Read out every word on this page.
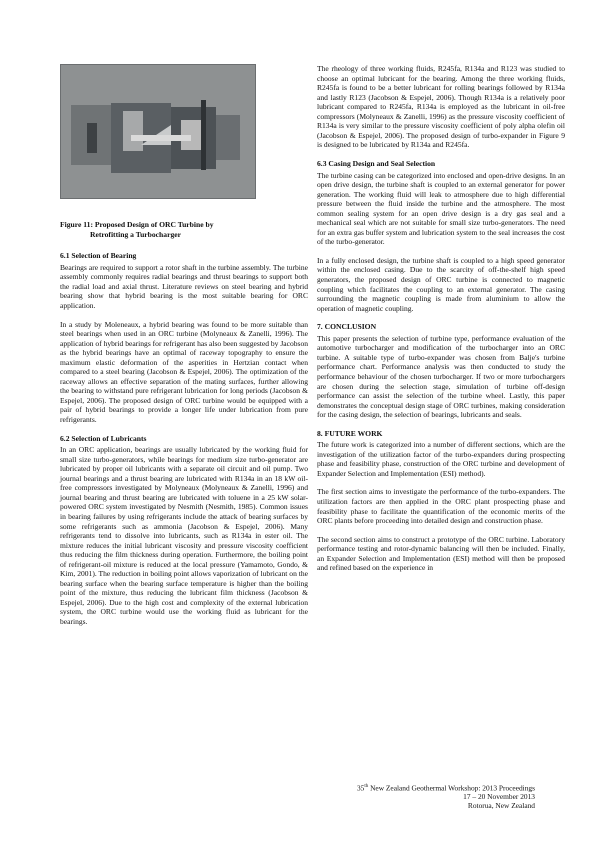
Figure 11: Proposed Design of ORC Turbine by
Retrofitting a Turbocharger
6.1 Selection of Bearing

Bearings are required to support a rotor shaft in the turbine assembly. The turbine assembly commonly requires radial bearings and thrust bearings to support both the radial load and axial thrust. Literature reviews on steel bearing and hybrid bearing show that hybrid bearing is the most suitable bearing for ORC application.

In a study by Moleneaux, a hybrid bearing was found to be more suitable than steel bearings when used in an ORC turbine (Molyneaux & Zanelli, 1996). The application of hybrid bearings for refrigerant has also been suggested by Jacobson as the hybrid bearings have an optimal of raceway topography to ensure the maximum elastic deformation of the asperities in Hertzian contact when compared to a steel bearing (Jacobson & Espejel, 2006). The optimization of the raceway allows an effective separation of the mating surfaces, further allowing the bearing to withstand pure refrigerant lubrication for long periods (Jacobson & Espejel, 2006). The proposed design of ORC turbine would be equipped with a pair of hybrid bearings to provide a longer life under lubrication from pure refrigerants.

6.2 Selection of Lubricants

In an ORC application, bearings are usually lubricated by the working fluid for small size turbo-generators, while bearings for medium size turbo-generator are lubricated by proper oil lubricants with a separate oil circuit and oil pump. Two journal bearings and a thrust bearing are lubricated with R134a in an 18 kW oil-free compressors investigated by Molyneaux (Molyneaux & Zanelli, 1996) and journal bearing and thrust bearing are lubricated with toluene in a 25 kW solar-powered ORC system investigated by Nesmith (Nesmith, 1985). Common issues in bearing failures by using refrigerants include the attack of bearing surfaces by some refrigerants such as ammonia (Jacobson & Espejel, 2006). Many refrigerants tend to dissolve into lubricants, such as R134a in ester oil. The mixture reduces the initial lubricant viscosity and pressure viscosity coefficient thus reducing the film thickness during operation. Furthermore, the boiling point of refrigerant-oil mixture is reduced at the local pressure (Yamamoto, Gondo, & Kim, 2001). The reduction in boiling point allows vaporization of lubricant on the bearing surface when the bearing surface temperature is higher than the boiling point of the mixture, thus reducing the lubricant film thickness (Jacobson & Espejel, 2006). Due to the high cost and complexity of the external lubrication system, the ORC turbine would use the working fluid as lubricant for the bearings.

The rheology of three working fluids, R245fa, R134a and R123 was studied to choose an optimal lubricant for the bearing. Among the three working fluids, R245fa is found to be a better lubricant for rolling bearings followed by R134a and lastly R123 (Jacobson & Espejel, 2006). Though R134a is a relatively poor lubricant compared to R245fa, R134a is employed as the lubricant in oil-free compressors (Molyneaux & Zanelli, 1996) as the pressure viscosity coefficient of R134a is very similar to the pressure viscosity coefficient of poly alpha olefin oil (Jacobson & Espejel, 2006). The proposed design of turbo-expander in Figure 9 is designed to be lubricated by R134a and R245fa.

6.3 Casing Design and Seal Selection

The turbine casing can be categorized into enclosed and open-drive designs. In an open drive design, the turbine shaft is coupled to an external generator for power generation. The working fluid will leak to atmosphere due to high differential pressure between the fluid inside the turbine and the atmosphere. The most common sealing system for an open drive design is a dry gas seal and a mechanical seal which are not suitable for small size turbo-generators. The need for an extra gas buffer system and lubrication system to the seal increases the cost of the turbo-generator.

In a fully enclosed design, the turbine shaft is coupled to a high speed generator within the enclosed casing. Due to the scarcity of off-the-shelf high speed generators, the proposed design of ORC turbine is connected to magnetic coupling which facilitates the coupling to an external generator. The casing surrounding the magnetic coupling is made from aluminium to allow the operation of magnetic coupling.

7. CONCLUSION

This paper presents the selection of turbine type, performance evaluation of the automotive turbocharger and modification of the turbocharger into an ORC turbine. A suitable type of turbo-expander was chosen from Balje's turbine performance chart. Performance analysis was then conducted to study the performance behaviour of the chosen turbocharger. If two or more turbochargers are chosen during the selection stage, simulation of turbine off-design performance can assist the selection of the turbine wheel. Lastly, this paper demonstrates the conceptual design stage of ORC turbines, making consideration for the casing design, the selection of bearings, lubricants and seals.

8. FUTURE WORK

The future work is categorized into a number of different sections, which are the investigation of the utilization factor of the turbo-expanders during prospecting phase and feasibility phase, construction of the ORC turbine and development of Expander Selection and Implementation (ESI) method).

The first section aims to investigate the performance of the turbo-expanders. The utilization factors are then applied in the ORC plant prospecting phase and feasibility phase to facilitate the quantification of the economic merits of the ORC plants before proceeding into detailed design and construction phase.

The second section aims to construct a prototype of the ORC turbine. Laboratory performance testing and rotor-dynamic balancing will then be included. Finally, an Expander Selection and Implementation (ESI) method will then be proposed and refined based on the experience in

35th New Zealand Geothermal Workshop: 2013 Proceedings
17 – 20 November 2013
Rotorua, New Zealand
